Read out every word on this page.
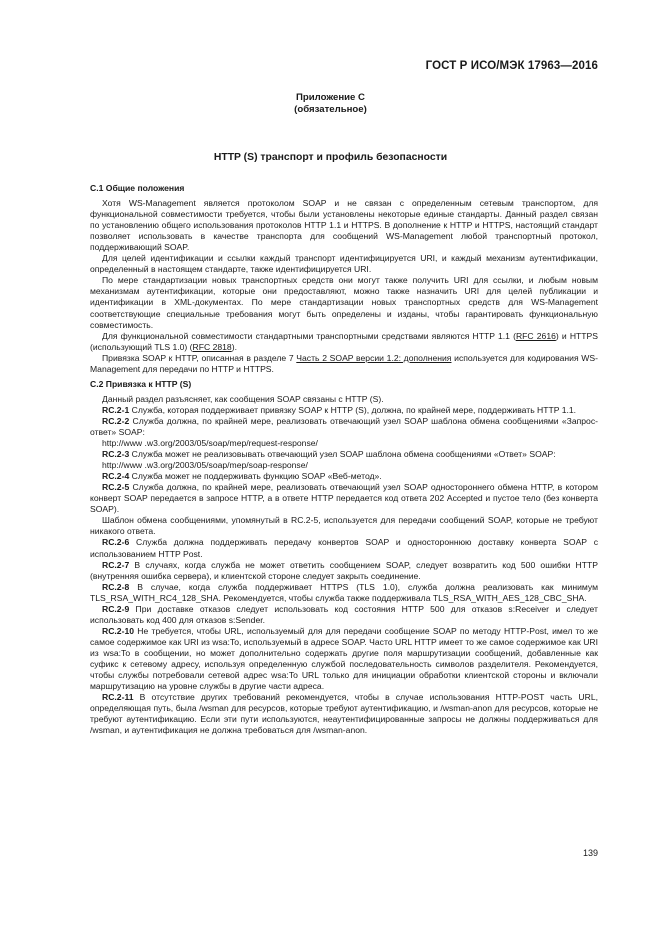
ГОСТ Р ИСО/МЭК 17963—2016
Приложение С
(обязательное)
HTTP (S) транспорт и профиль безопасности

С.1 Общие положения

Хотя WS-Management является протоколом SOAP и не связан с определенным сетевым транспортом, для функциональной совместимости требуется, чтобы были установлены некоторые единые стандарты. Данный раздел связан по установлению общего использования протоколов HTTP 1.1 и HTTPS. В дополнение к HTTP и HTTPS, настоящий стандарт позволяет использовать в качестве транспорта для сообщений WS-Management любой транспортный протокол, поддерживающий SOAP.

Для целей идентификации и ссылки каждый транспорт идентифицируется URI, и каждый механизм аутентификации, определенный в настоящем стандарте, также идентифицируется URI.

По мере стандартизации новых транспортных средств они могут также получить URI для ссылки, и любым новым механизмам аутентификации, которые они предоставляют, можно также назначить URI для целей публикации и идентификации в XML-документах. По мере стандартизации новых транспортных средств для WS-Management соответствующие специальные требования могут быть определены и изданы, чтобы гарантировать функциональную совместимость.

Для функциональной совместимости стандартными транспортными средствами являются HTTP 1.1 (RFC 2616) и HTTPS (использующий TLS 1.0) (RFC 2818).

Привязка SOAP к HTTP, описанная в разделе 7 Часть 2 SOAP версии 1.2: дополнения используется для кодирования WS-Management для передачи по HTTP и HTTPS.

С.2 Привязка к HTTP (S)

Данный раздел разъясняет, как сообщения SOAP связаны с HTTP (S).

RC.2-1 Служба, которая поддерживает привязку SOAP к HTTP (S), должна, по крайней мере, поддерживать HTTP 1.1.

RC.2-2 Служба должна, по крайней мере, реализовать отвечающий узел SOAP шаблона обмена сообщениями «Запрос-ответ» SOAP:

http://www .w3.org/2003/05/soap/mep/request-response/

RC.2-3 Служба может не реализовывать отвечающий узел SOAP шаблона обмена сообщениями «Ответ» SOAP:

http://www .w3.org/2003/05/soap/mep/soap-response/

RC.2-4 Служба может не поддерживать функцию SOAP «Веб-метод».

RC.2-5 Служба должна, по крайней мере, реализовать отвечающий узел SOAP одностороннего обмена HTTP, в котором конверт SOAP передается в запросе HTTP, а в ответе HTTP передается код ответа 202 Accepted и пустое тело (без конверта SOAP).

Шаблон обмена сообщениями, упомянутый в RC.2-5, используется для передачи сообщений SOAP, которые не требуют никакого ответа.

RC.2-6 Служба должна поддерживать передачу конвертов SOAP и одностороннюю доставку конверта SOAP с использованием HTTP Post.

RC.2-7 В случаях, когда служба не может ответить сообщением SOAP, следует возвратить код 500 ошибки HTTP (внутренняя ошибка сервера), и клиентской стороне следует закрыть соединение.

RC.2-8 В случае, когда служба поддерживает HTTPS (TLS 1.0), служба должна реализовать как минимум TLS_RSA_WITH_RC4_128_SHA. Рекомендуется, чтобы служба также поддерживала TLS_RSA_WITH_AES_128_CBC_SHA.

RC.2-9 При доставке отказов следует использовать код состояния HTTP 500 для отказов s:Receiver и следует использовать код 400 для отказов s:Sender.

RC.2-10 Не требуется, чтобы URL, используемый для для передачи сообщение SOAP по методу HTTP-Post, имел то же самое содержимое как URI из wsa:To, используемый в адресе SOAP. Часто URL HTTP имеет то же самое содержимое как URI из wsa:To в сообщении, но может дополнительно содержать другие поля маршрутизации сообщений, добавленные как суфикс к сетевому адресу, используя определенную службой последовательность символов разделителя. Рекомендуется, чтобы службы потребовали сетевой адрес wsa:To URL только для инициации обработки клиентской стороны и включали маршрутизацию на уровне службы в другие части адреса.

RC.2-11 В отсутствие других требований рекомендуется, чтобы в случае использования HTTP-POST часть URL, определяющая путь, была /wsman для ресурсов, которые требуют аутентификацию, и /wsman-anon для ресурсов, которые не требуют аутентификацию. Если эти пути используются, неаутентифицированные запросы не должны поддерживаться для /wsman, и аутентификация не должна требоваться для /wsman-anon.

139
